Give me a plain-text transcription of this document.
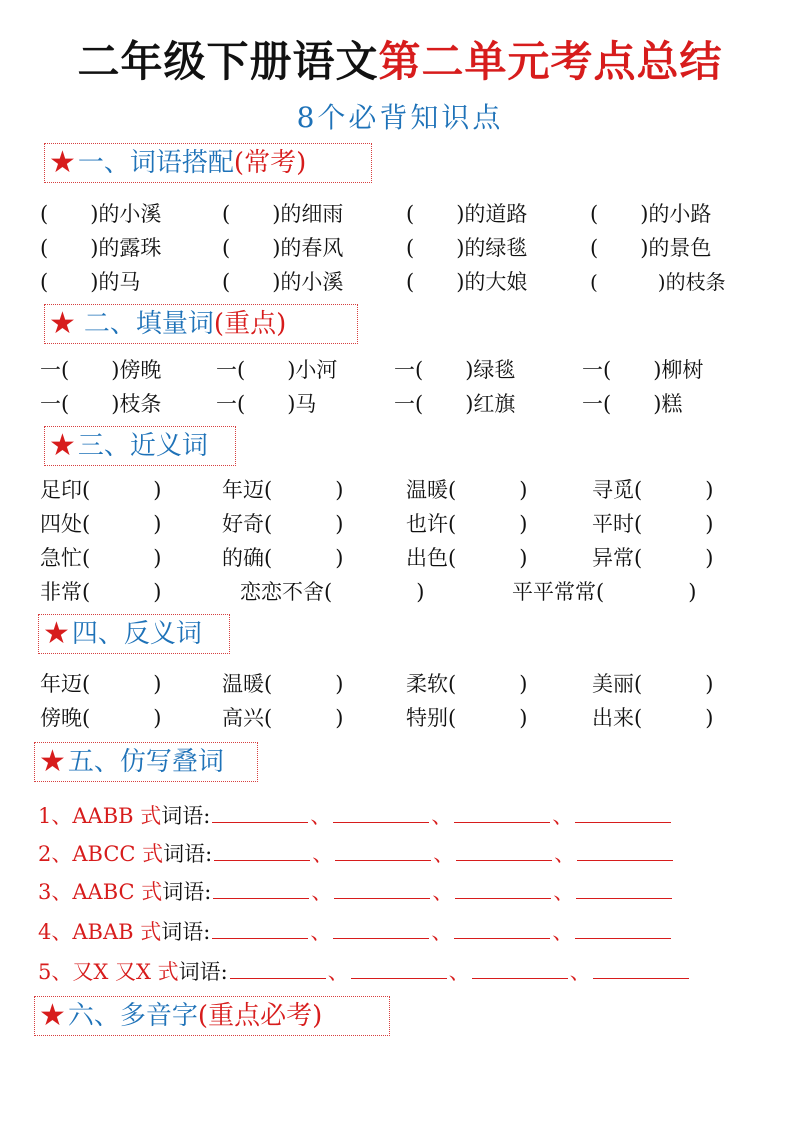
二年级下册语文第二单元考点总结
8个必背知识点
★ 一、词语搭配 (常考)
(　　)的小溪	(　　)的细雨	(　　)的道路	(　　)的小路
(　　)的露珠	(　　)的春风	(　　)的绿毯	(　　)的景色
(　　)的马	(　　)的小溪	(　　)的大娘	(　　　)的枝条
★ 二、填量词 (重点)
一(　　)傍晚	一(　　)小河	一(　　)绿毯	一(　　)柳树
一(　　)枝条	一(　　)马	一(　　)红旗	一(　　)糕
★ 三、近义词
足印(　　　)	年迈(　　　)	温暖(　　　)	寻觅(　　　)
四处(　　　)	好奇(　　　)	也许(　　　)	平时(　　　)
急忙(　　　)	的确(　　　)	出色(　　　)	异常(　　　)
非常(　　　)	恋恋不舍(　　　　)	平平常常(　　　　)
★ 四、反义词
年迈(　　　)	温暖(　　　)	柔软(　　　)	美丽(　　　)
傍晚(　　　)	高兴(　　　)	特别(　　　)	出来(　　　)
★ 五、仿写叠词
1、AABB 式词语:	、	、	、
2、ABCC 式词语:	、	、	、
3、AABC 式词语:	、	、	、
4、ABAB 式词语:	、	、	、
5、又X 又X 式词语:	、	、	、
★ 六、多音字 (重点必考)
